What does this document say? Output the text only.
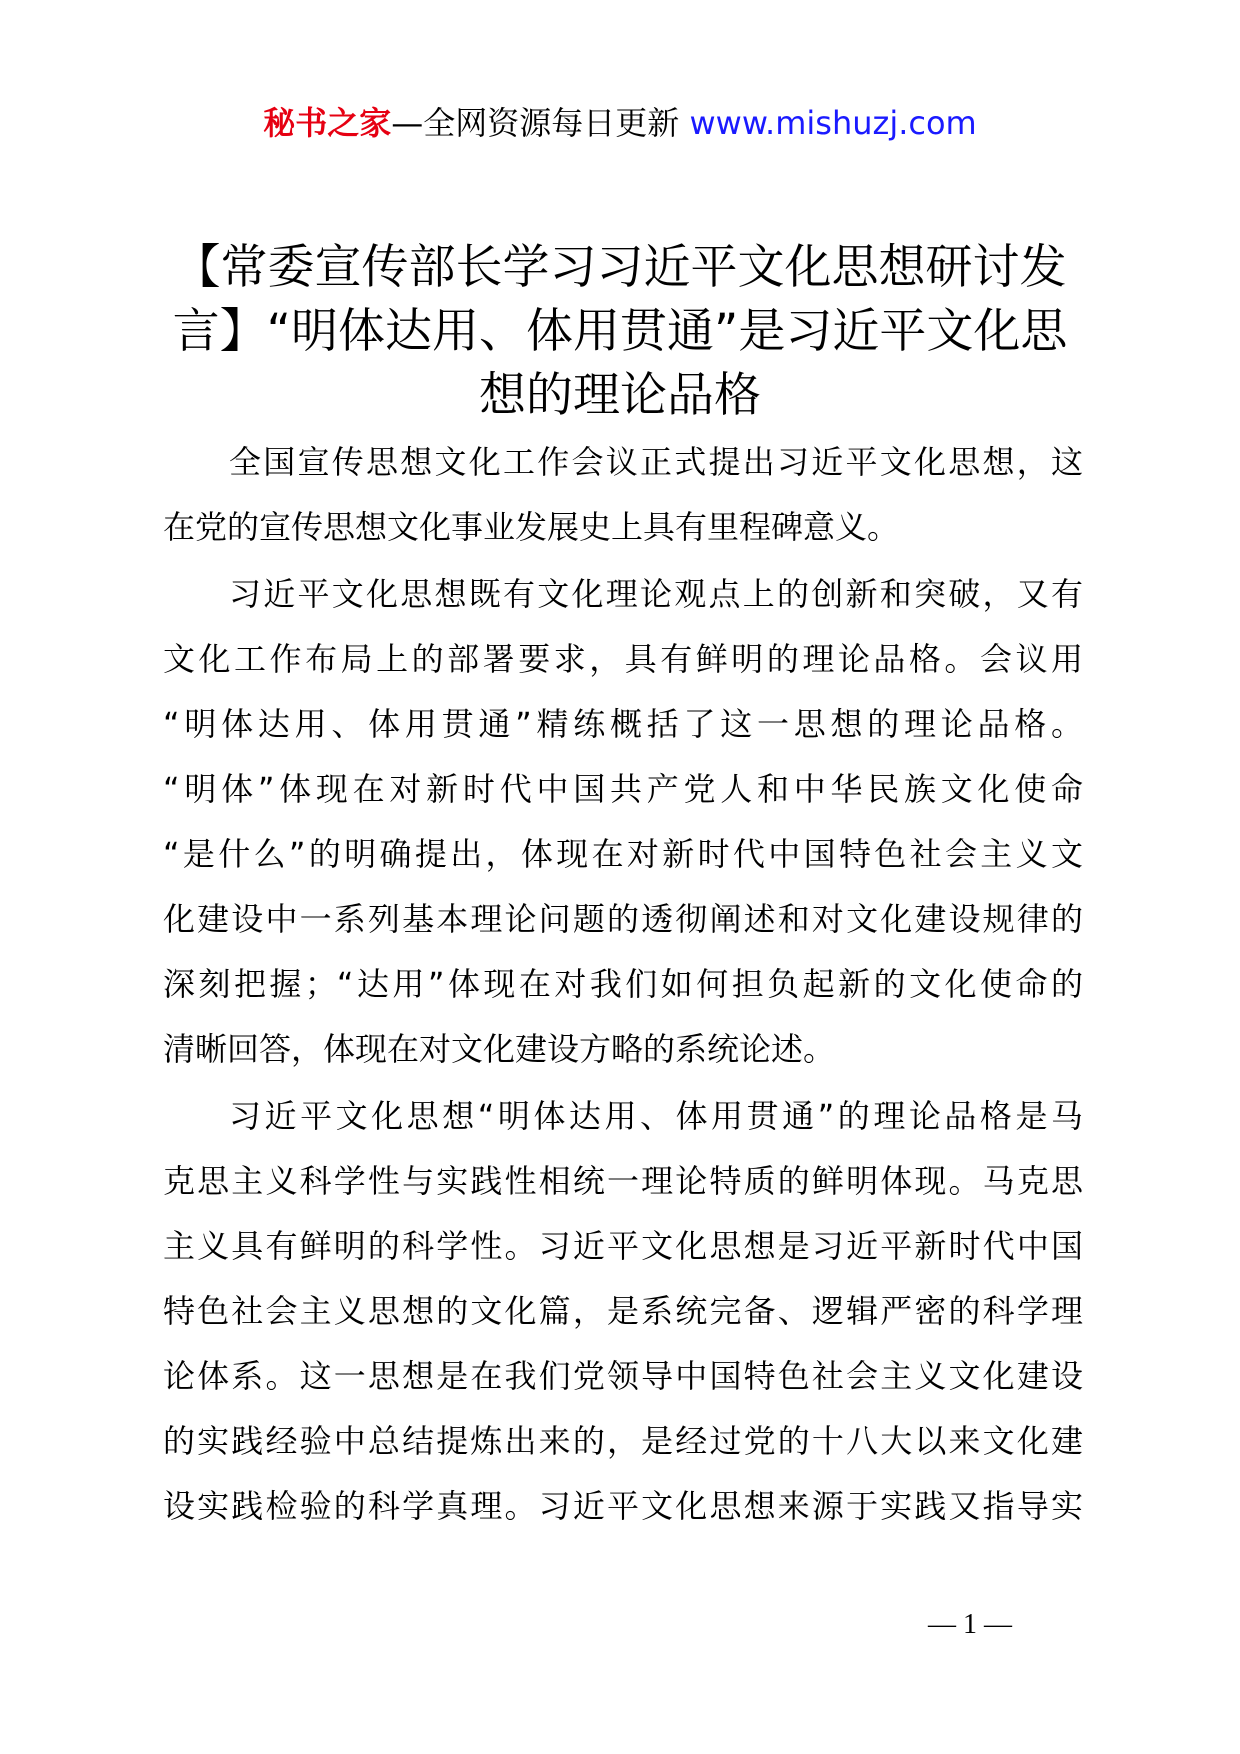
秘书之家—全网资源每日更新 www.mishuzj.com
【常委宣传部长学习习近平文化思想研讨发
言】“明体达用、体用贯通”是习近平文化思
想的理论品格
全国宣传思想文化工作会议正式提出习近平文化思想，这
在党的宣传思想文化事业发展史上具有里程碑意义。
习近平文化思想既有文化理论观点上的创新和突破，又有
文化工作布局上的部署要求，具有鲜明的理论品格。会议用
“明体达用、体用贯通”精练概括了这一思想的理论品格。
“明体”体现在对新时代中国共产党人和中华民族文化使命
“是什么”的明确提出，体现在对新时代中国特色社会主义文
化建设中一系列基本理论问题的透彻阐述和对文化建设规律的
深刻把握；“达用”体现在对我们如何担负起新的文化使命的
清晰回答，体现在对文化建设方略的系统论述。
习近平文化思想“明体达用、体用贯通”的理论品格是马
克思主义科学性与实践性相统一理论特质的鲜明体现。马克思
主义具有鲜明的科学性。习近平文化思想是习近平新时代中国
特色社会主义思想的文化篇，是系统完备、逻辑严密的科学理
论体系。这一思想是在我们党领导中国特色社会主义文化建设
的实践经验中总结提炼出来的，是经过党的十八大以来文化建
设实践检验的科学真理。习近平文化思想来源于实践又指导实
— 1 —
